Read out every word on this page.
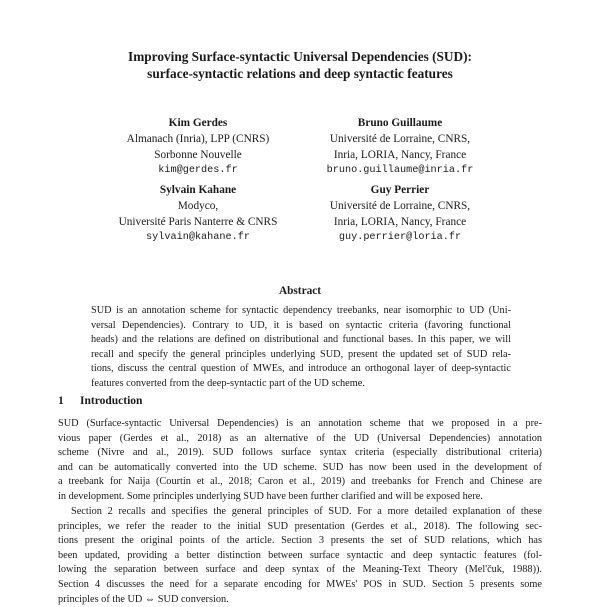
Improving Surface-syntactic Universal Dependencies (SUD):
surface-syntactic relations and deep syntactic features
Kim Gerdes
Almanach (Inria), LPP (CNRS)
Sorbonne Nouvelle
kim@gerdes.fr
Bruno Guillaume
Université de Lorraine, CNRS,
Inria, LORIA, Nancy, France
bruno.guillaume@inria.fr
Sylvain Kahane
Modyco,
Université Paris Nanterre & CNRS
sylvain@kahane.fr
Guy Perrier
Université de Lorraine, CNRS,
Inria, LORIA, Nancy, France
guy.perrier@loria.fr
Abstract
SUD is an annotation scheme for syntactic dependency treebanks, near isomorphic to UD (Uni-
versal Dependencies). Contrary to UD, it is based on syntactic criteria (favoring functional
heads) and the relations are defined on distributional and functional bases. In this paper, we will
recall and specify the general principles underlying SUD, present the updated set of SUD rela-
tions, discuss the central question of MWEs, and introduce an orthogonal layer of deep-syntactic
features converted from the deep-syntactic part of the UD scheme.
1 Introduction
SUD (Surface-syntactic Universal Dependencies) is an annotation scheme that we proposed in a pre-
vious paper (Gerdes et al., 2018) as an alternative of the UD (Universal Dependencies) annotation
scheme (Nivre and al., 2019). SUD follows surface syntax criteria (especially distributional criteria)
and can be automatically converted into the UD scheme. SUD has now been used in the development of
a treebank for Naija (Courtin et al., 2018; Caron et al., 2019) and treebanks for French and Chinese are
in development. Some principles underlying SUD have been further clarified and will be exposed here.
Section 2 recalls and specifies the general principles of SUD. For a more detailed explanation of these
principles, we refer the reader to the initial SUD presentation (Gerdes et al., 2018). The following sec-
tions present the original points of the article. Section 3 presents the set of SUD relations, which has
been updated, providing a better distinction between surface syntactic and deep syntactic features (fol-
lowing the separation between surface and deep syntax of the Meaning-Text Theory (Mel'čuk, 1988)).
Section 4 discusses the need for a separate encoding for MWEs' POS in SUD. Section 5 presents some
principles of the UD ⇔ SUD conversion.
